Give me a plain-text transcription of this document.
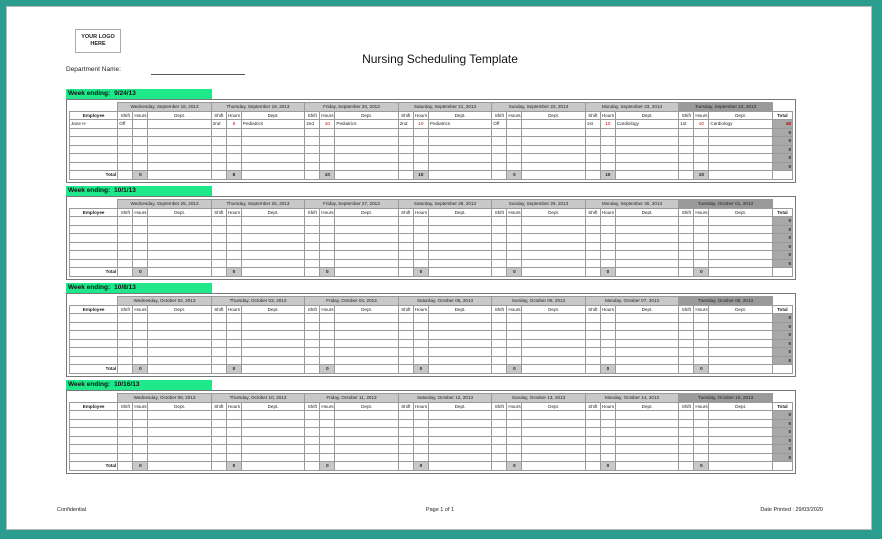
YOUR LOGO HERE
Nursing Scheduling Template
Department Name:
Week ending: 9/24/13
	Wednesday, September 18, 2013			Thursday, September 19, 2013			Friday, September 20, 2013			Saturday, September 21, 2013			Sunday, September 22, 2013			Monday, September 23, 2013			Tuesday, September 24, 2013			
Employee	Shift	Hours	Dept.	Shift	Hours	Dept.	Shift	Hours	Dept.	Shift	Hours	Dept.	Shift	Hours	Dept.	Shift	Hours	Dept.	Shift	Hours	Dept.	Total
Jane H	Off			2nd	8	Pediatrics	2nd	10	Pediatrics	2nd	10	Pediatrics	Off			1st	10	Cardiology	1st	10	Cardiology	48
																						0
																						0
																						0
																						0
																						0
Total		0			8			10			10			0			10			10		
Week ending: 10/1/13
	Wednesday, September 25, 2013			Thursday, September 26, 2013			Friday, September 27, 2013			Saturday, September 28, 2013			Sunday, September 29, 2013			Monday, September 30, 2013			Tuesday, October 01, 2013			
Employee	Shift	Hours	Dept.	Shift	Hours	Dept.	Shift	Hours	Dept.	Shift	Hours	Dept.	Shift	Hours	Dept.	Shift	Hours	Dept.	Shift	Hours	Dept.	Total
																						0
																						0
																						0
																						0
																						0
																						0
Total		0			0			0			0			0			0			0		
Week ending: 10/8/13
	Wednesday, October 02, 2013			Thursday, October 03, 2013			Friday, October 04, 2013			Saturday, October 05, 2013			Sunday, October 06, 2013			Monday, October 07, 2013			Tuesday, October 08, 2013			
Employee	Shift	Hours	Dept.	Shift	Hours	Dept.	Shift	Hours	Dept.	Shift	Hours	Dept.	Shift	Hours	Dept.	Shift	Hours	Dept.	Shift	Hours	Dept.	Total
																						0
																						0
																						0
																						0
																						0
																						0
Total		0			0			0			0			0			0			0		
Week ending: 10/16/13
	Wednesday, October 09, 2013			Thursday, October 10, 2013			Friday, October 11, 2013			Saturday, October 12, 2013			Sunday, October 13, 2013			Monday, October 14, 2013			Tuesday, October 15, 2013			
Employee	Shift	Hours	Dept.	Shift	Hours	Dept.	Shift	Hours	Dept.	Shift	Hours	Dept.	Shift	Hours	Dept.	Shift	Hours	Dept.	Shift	Hours	Dept.	Total
																						0
																						0
																						0
																						0
																						0
																						0
Total		0			0			0			0			0			0			0		
Confidential	Page 1 of 1	Date Printed : 29/03/2020
